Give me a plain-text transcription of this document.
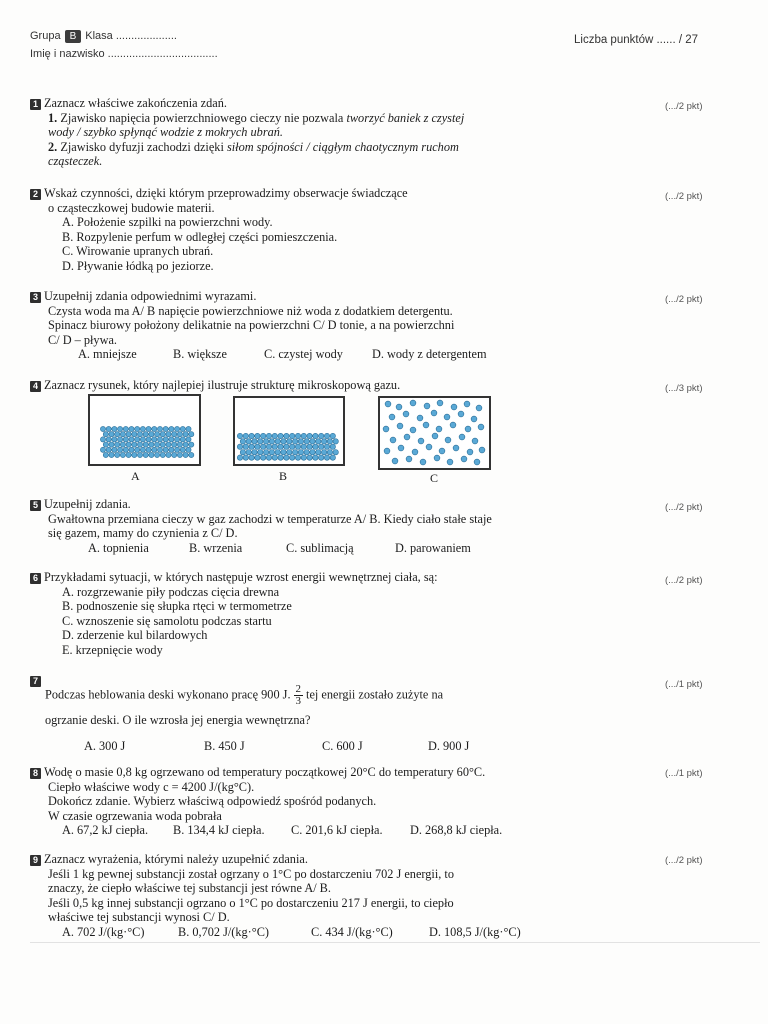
Grupa B Klasa ....................
Imię i nazwisko ....................................
Liczba punktów ...... / 27
1 Zaznacz właściwe zakończenia zdań.
1. Zjawisko napięcia powierzchniowego cieczy nie pozwala tworzyć baniek z czystej
wody / szybko spłynąć wodzie z mokrych ubrań.
2. Zjawisko dyfuzji zachodzi dzięki siłom spójności / ciągłym chaotycznym ruchom
cząsteczek.
(.../2 pkt)
2 Wskaż czynności, dzięki którym przeprowadzimy obserwacje świadczące
o cząsteczkowej budowie materii.
A. Położenie szpilki na powierzchni wody.
B. Rozpylenie perfum w odległej części pomieszczenia.
C. Wirowanie upranych ubrań.
D. Pływanie łódką po jeziorze.
(.../2 pkt)
3 Uzupełnij zdania odpowiednimi wyrazami.
Czysta woda ma A/ B napięcie powierzchniowe niż woda z dodatkiem detergentu.
Spinacz biurowy położony delikatnie na powierzchni C/ D tonie, a na powierzchni
C/ D – pływa.
A. mniejsze	B. większe	C. czystej wody	D. wody z detergentem
(.../2 pkt)
4 Zaznacz rysunek, który najlepiej ilustruje strukturę mikroskopową gazu.	(.../3 pkt)
A	B	C
5 Uzupełnij zdania.
Gwałtowna przemiana cieczy w gaz zachodzi w temperaturze A/ B. Kiedy ciało stałe staje
się gazem, mamy do czynienia z C/ D.
A. topnienia	B. wrzenia	C. sublimacją	D. parowaniem
(.../2 pkt)
6 Przykładami sytuacji, w których następuje wzrost energii wewnętrznej ciała, są:
A. rozgrzewanie piły podczas cięcia drewna
B. podnoszenie się słupka rtęci w termometrze
C. wznoszenie się samolotu podczas startu
D. zderzenie kul bilardowych
E. krzepnięcie wody
(.../2 pkt)
7
Podczas heblowania deski wykonano pracę 900 J. $\frac{2}{3}$ tej energii zostało zużyte na
ogrzanie deski. O ile wzrosła jej energia wewnętrzna?
A. 300 J	B. 450 J	C. 600 J	D. 900 J
(.../1 pkt)
8 Wodę o masie 0,8 kg ogrzewano od temperatury początkowej 20°C do temperatury 60°C.
Ciepło właściwe wody c = 4200 J/(kg°C).
Dokończ zdanie. Wybierz właściwą odpowiedź spośród podanych.
W czasie ogrzewania woda pobrała
A. 67,2 kJ ciepła.	B. 134,4 kJ ciepła.	C. 201,6 kJ ciepła.	D. 268,8 kJ ciepła.
(.../1 pkt)
9 Zaznacz wyrażenia, którymi należy uzupełnić zdania.
Jeśli 1 kg pewnej substancji został ogrzany o 1°C po dostarczeniu 702 J energii, to
znaczy, że ciepło właściwe tej substancji jest równe A/ B.
Jeśli 0,5 kg innej substancji ogrzano o 1°C po dostarczeniu 217 J energii, to ciepło
właściwe tej substancji wynosi C/ D.
A. 702 J/(kg·°C)	B. 0,702 J/(kg·°C)	C. 434 J/(kg·°C)	D. 108,5 J/(kg·°C)
(.../2 pkt)
